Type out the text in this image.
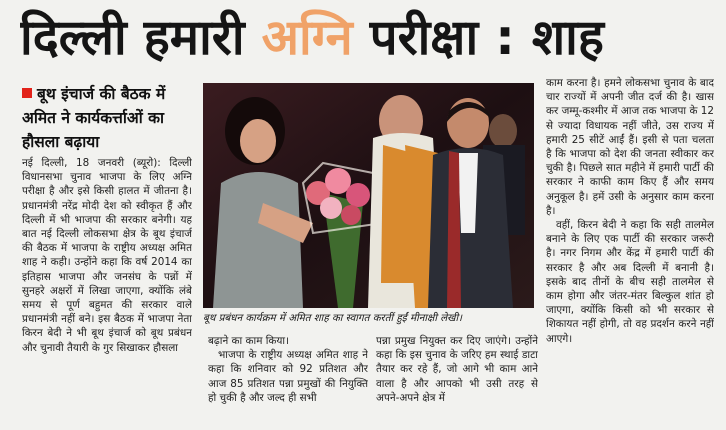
दिल्ली हमारी अग्नि परीक्षा : शाह
बूथ इंचार्ज की बैठक में अमित ने कार्यकर्त्ताओं का हौसला बढ़ाया

नई दिल्ली, 18 जनवरी (ब्यूरो): दिल्ली विधानसभा चुनाव भाजपा के लिए अग्नि परीक्षा है और इसे किसी हालत में जीतना है। प्रधानमंत्री नरेंद्र मोदी देश को स्वीकृत हैं और दिल्ली में भी भाजपा की सरकार बनेगी। यह बात नई दिल्ली लोकसभा क्षेत्र के बूथ इंचार्ज की बैठक में भाजपा के राष्ट्रीय अध्यक्ष अमित शाह ने कही। उन्होंने कहा कि वर्ष 2014 का इतिहास भाजपा और जनसंघ के पन्नों में सुनहरे अक्षरों में लिखा जाएगा, क्योंकि लंबे समय से पूर्ण बहुमत की सरकार वाले प्रधानमंत्री नहीं बने। इस बैठक में भाजपा नेता किरन बेदी ने भी बूथ इंचार्ज को बूथ प्रबंधन और चुनावी तैयारी के गुर सिखाकर हौसला

बूथ प्रबंधन कार्यक्रम में अमित शाह का स्वागत करतीं हुईं मीनाक्षी लेखी।

बढ़ाने का काम किया।

भाजपा के राष्ट्रीय अध्यक्ष अमित शाह ने कहा कि शनिवार को 92 प्रतिशत और आज 85 प्रतिशत पन्ना प्रमुखों की नियुक्ति हो चुकी है और जल्द ही सभी

पन्ना प्रमुख नियुक्त कर दिए जाएंगे। उन्होंने कहा कि इस चुनाव के जरिए हम स्थाई डाटा तैयार कर रहे हैं, जो आगे भी काम आने वाला है और आपको भी उसी तरह से अपने-अपने क्षेत्र में

काम करना है। हमने लोकसभा चुनाव के बाद चार राज्यों में अपनी जीत दर्ज की है। खास कर जम्मू-कश्मीर में आज तक भाजपा के 12 से ज्यादा विधायक नहीं जीते, उस राज्य में हमारी 25 सीटें आईं हैं। इसी से पता चलता है कि भाजपा को देश की जनता स्वीकार कर चुकी है। पिछले सात महीने में हमारी पार्टी की सरकार ने काफी काम किए हैं और समय अनुकूल है। हमें उसी के अनुसार काम करना है।

वहीं, किरन बेदी ने कहा कि सही तालमेल बनाने के लिए एक पार्टी की सरकार जरूरी है। नगर निगम और केंद्र में हमारी पार्टी की सरकार है और अब दिल्ली में बनानी है। इसके बाद तीनों के बीच सही तालमेल से काम होगा और जंतर-मंतर बिल्कुल शांत हो जाएगा, क्योंकि किसी को भी सरकार से शिकायत नहीं होगी, तो वह प्रदर्शन करने नहीं आएगे।
